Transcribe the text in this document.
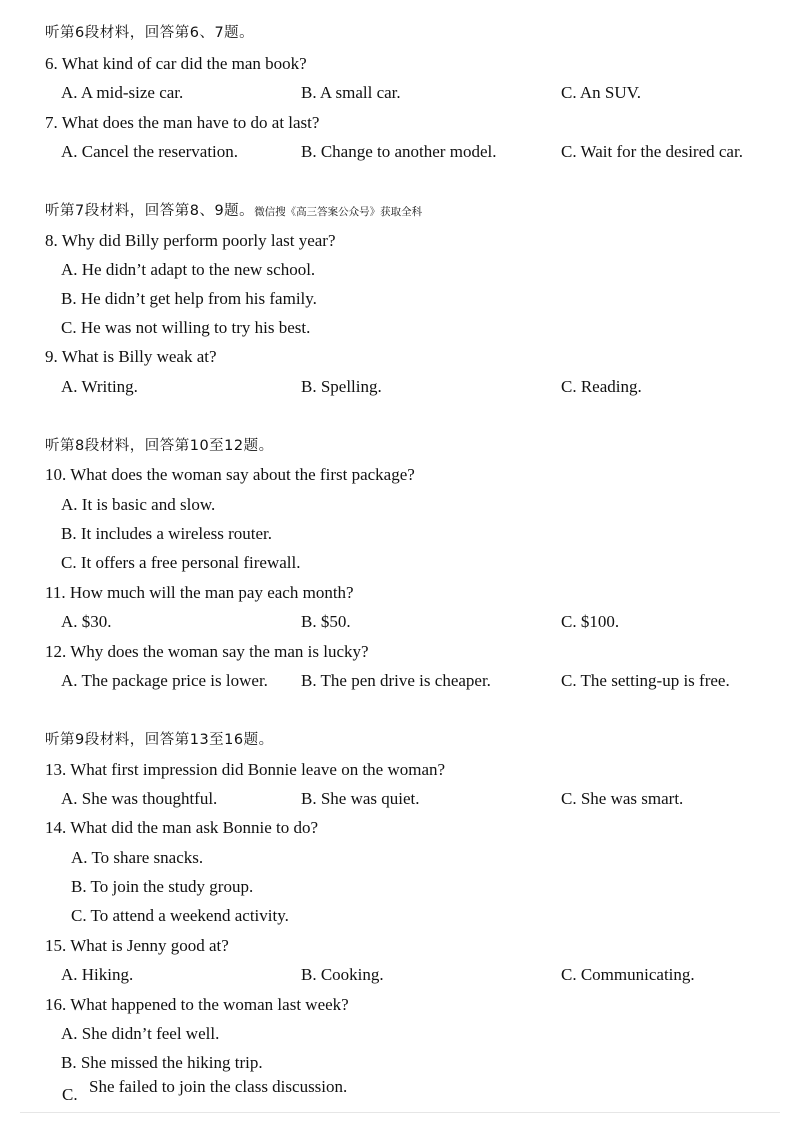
听第6段材料，回答第6、7题。
6. What kind of car did the man book?
A. A mid-size car.	B. A small car.	C. An SUV.
7. What does the man have to do at last?
A. Cancel the reservation.	B. Change to another model.	C. Wait for the desired car.
听第7段材料，回答第8、9题。微信搜《高三答案公众号》获取全科
8. Why did Billy perform poorly last year?
A. He didn’t adapt to the new school.
B. He didn’t get help from his family.
C. He was not willing to try his best.
9. What is Billy weak at?
A. Writing.	B. Spelling.	C. Reading.
听第8段材料，回答第10至12题。
10. What does the woman say about the first package?
A. It is basic and slow.
B. It includes a wireless router.
C. It offers a free personal firewall.
11. How much will the man pay each month?
A. $30.	B. $50.	C. $100.
12. Why does the woman say the man is lucky?
A. The package price is lower. B. The pen drive is cheaper.	C. The setting-up is free.
听第9段材料，回答第13至16题。
13. What first impression did Bonnie leave on the woman?
A. She was thoughtful.	B. She was quiet.	C. She was smart.
14. What did the man ask Bonnie to do?
A. To share snacks.
B. To join the study group.
C. To attend a weekend activity.
15. What is Jenny good at?
A. Hiking.	B. Cooking.	C. Communicating.
16. What happened to the woman last week?
A. She didn’t feel well.
B. She missed the hiking trip.
C. She failed to join the class discussion.
